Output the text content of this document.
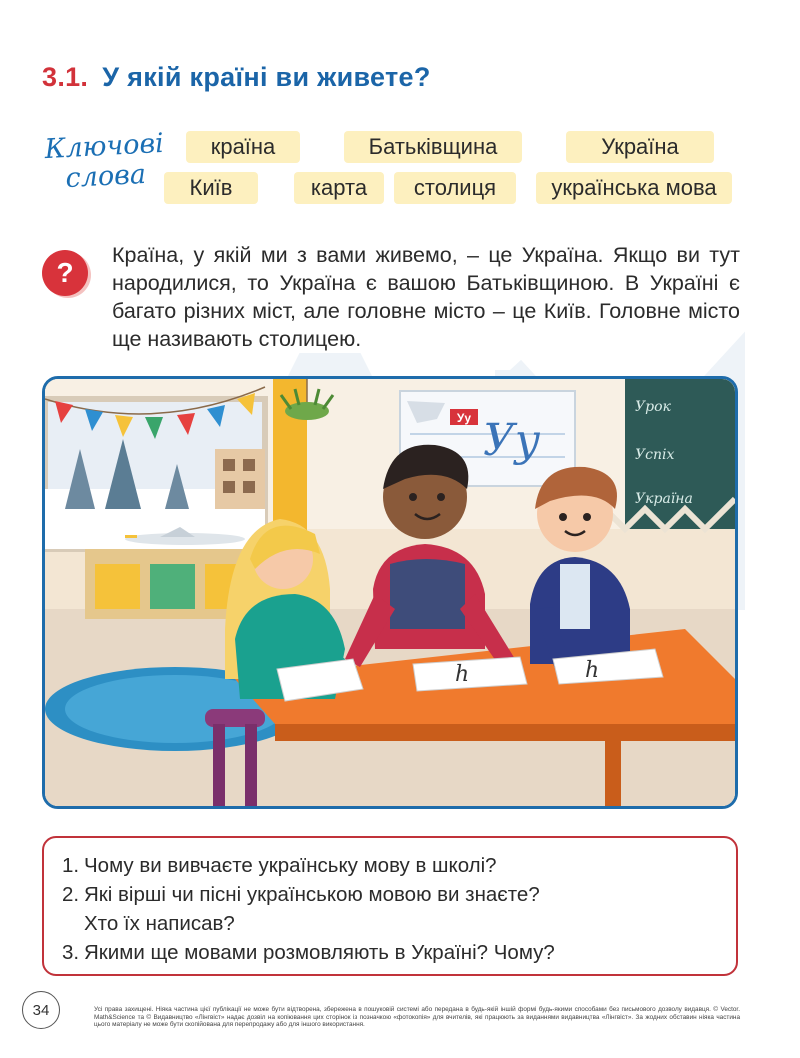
3.1. У якій країні ви живете?
Ключові
слова
країна	Батьківщина	Україна
Київ	карта	столиця	українська мова
?

Країна, у якій ми з вами живемо, – це Україна. Якщо ви тут народилися, то Україна є вашою Батьківщиною. В Україні є багато різних міст, але головне місто – це Київ. Головне місто ще називають столицею.

Уу Уу
Урок
Успіх
Україна
h	h
1. Чому ви вивчаєте українську мову в школі?
2. Які вірші чи пісні українською мовою ви знаєте?
Хто їх написав?
3. Якими ще мовами розмовляють в Україні? Чому?
34	Усі права захищені. Ніяка частина цієї публікації не може бути відтворена, збережена в пошуковій системі або передана в будь-якій іншій формі будь-якими способами без письмового дозволу видавця. © Vector. Math&Science та © Видавництво «Лінгвіст» надає дозвіл на копіювання цих сторінок із позначкою «фотокопія» для вчителів, які працюють за виданнями видавництва «Лінгвіст». За жодних обставин ніяка частина цього матеріалу не може бути скопійована для перепродажу або для іншого використання.
